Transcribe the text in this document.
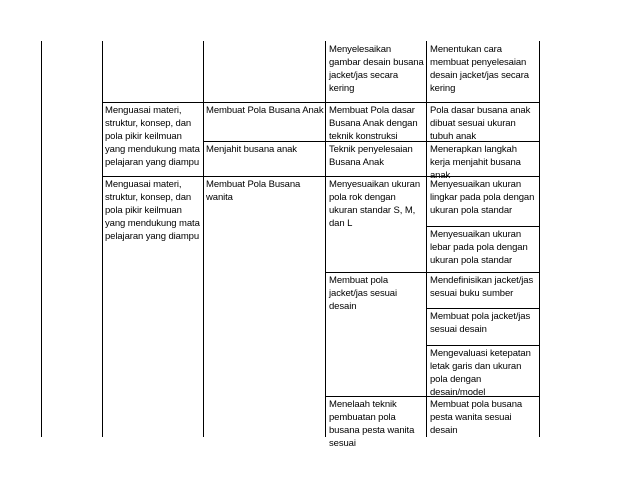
Menyelesaikan gambar desain busana jacket/jas secara kering
Menentukan cara membuat penyelesaian desain jacket/jas secara kering
Menguasai materi, struktur, konsep, dan pola pikir keilmuan yang mendukung mata pelajaran yang diampu
Membuat Pola Busana Anak Membuat Pola dasar Busana Anak dengan teknik konstruksi
Pola dasar busana anak dibuat sesuai ukuran tubuh anak
Menjahit busana anak	Teknik penyelesaian Busana Anak
Menerapkan langkah kerja menjahit busana anak
Menguasai materi, struktur, konsep, dan pola pikir keilmuan yang mendukung mata pelajaran yang diampu
Membuat Pola Busana wanita
Menyesuaikan ukuran pola rok dengan ukuran standar S, M, dan L
Menyesuaikan ukuran lingkar pada pola dengan ukuran pola standar
Menyesuaikan ukuran lebar pada pola dengan ukuran pola standar
Membuat pola jacket/jas sesuai desain
Mendefinisikan jacket/jas sesuai buku sumber
Membuat pola jacket/jas sesuai desain
Mengevaluasi ketepatan letak garis dan ukuran pola dengan desain/model
Menelaah teknik pembuatan pola busana pesta wanita sesuai
Membuat pola busana pesta wanita sesuai desain
